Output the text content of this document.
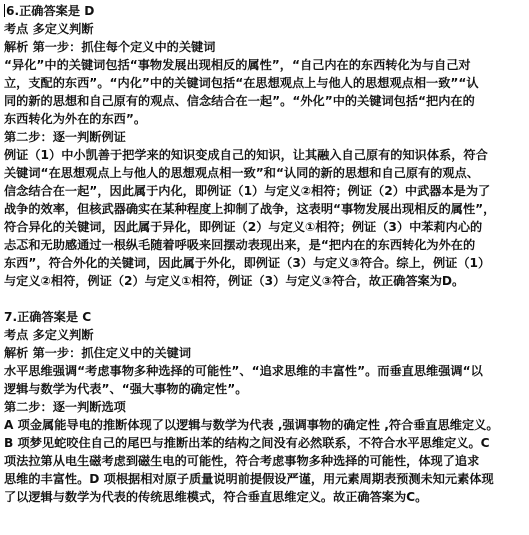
6.正确答案是 D
考点 多定义判断
解析 第一步：抓住每个定义中的关键词
“异化”中的关键词包括“事物发展出现相反的属性”，“自己内在的东西转化为与自己对
立，支配的东西”。“内化”中的关键词包括“在思想观点上与他人的思想观点相一致”“认
同的新的思想和自己原有的观点、信念结合在一起”。“外化”中的关键词包括“把内在的
东西转化为外在的东西”。
第二步：逐一判断例证
例证（1）中小凯善于把学来的知识变成自己的知识，让其融入自己原有的知识体系，符合
关键词“在思想观点上与他人的思想观点相一致”和“认同的新的思想和自己原有的观点、
信念结合在一起”，因此属于内化，即例证（1）与定义②相符；例证（2）中武器本是为了
战争的效率，但核武器确实在某种程度上抑制了战争，这表明“事物发展出现相反的属性”，
符合异化的关键词，因此属于异化，即例证（2）与定义①相符；例证（3）中苯莉内心的
忐忑和无助感通过一根纵毛随着呼吸来回摆动表现出来，是“把内在的东西转化为外在的
东西”，符合外化的关键词，因此属于外化，即例证（3）与定义③符合。综上，例证（1）
与定义②相符，例证（2）与定义①相符，例证（3）与定义③符合，故正确答案为D。
7.正确答案是 C
考点 多定义判断
解析 第一步：抓住定义中的关键词
水平思维强调“考虑事物多种选择的可能性”、“追求思维的丰富性”。而垂直思维强调“以
逻辑与数学为代表”、“强大事物的确定性”。
第二步：逐一判断选项
A 项金属能导电的推断体现了以逻辑与数学为代表 ,强调事物的确定性 ,符合垂直思维定义。
B 项梦见蛇咬住自己的尾巴与推断出苯的结构之间没有必然联系，不符合水平思维定义。C
项法拉第从电生磁考虑到磁生电的可能性，符合考虑事物多种选择的可能性，体现了追求
思维的丰富性。D 项根据相对原子质量说明前提假设严谨，用元素周期表预测未知元素体现
了以逻辑与数学为代表的传统思维模式，符合垂直思维定义。故正确答案为C。
